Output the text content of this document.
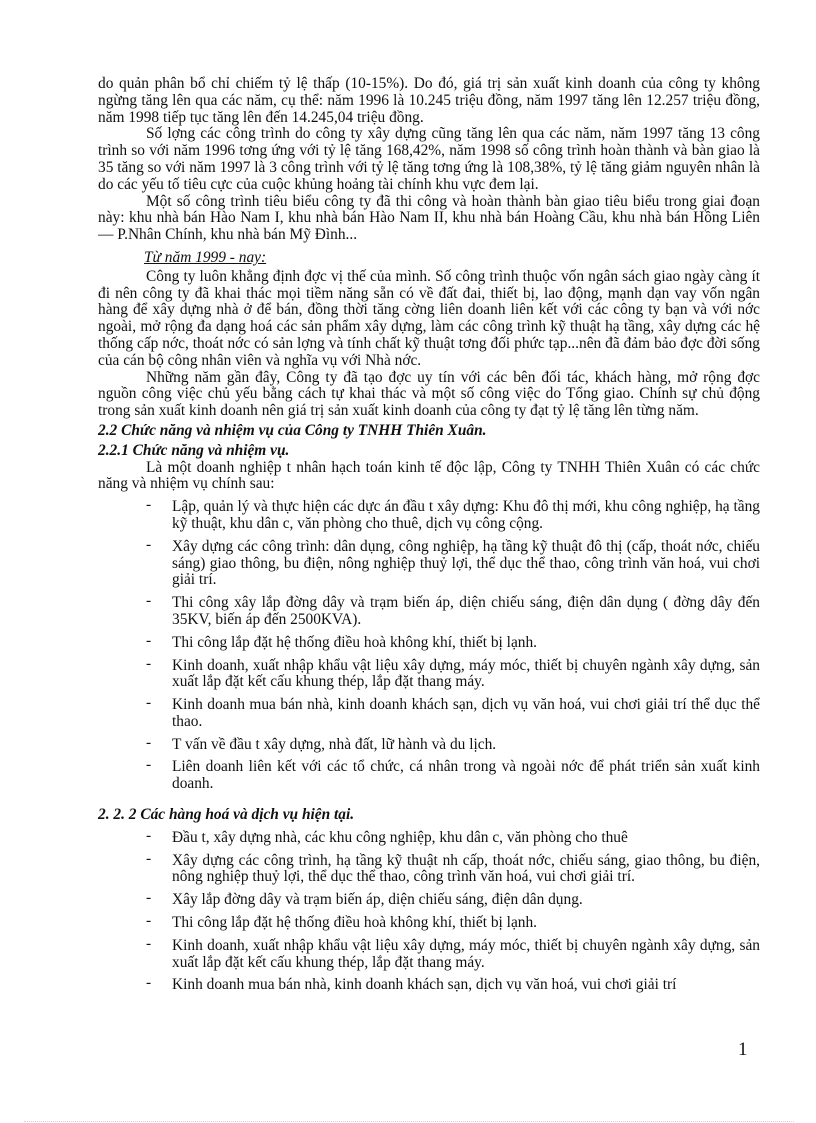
do quản phân bổ chỉ chiếm tỷ lệ thấp (10-15%). Do đó, giá trị sản xuất kinh doanh của công ty không ngừng tăng lên qua các năm, cụ thể: năm 1996 là 10.245 triệu đồng, năm 1997 tăng lên 12.257 triệu đồng, năm 1998 tiếp tục tăng lên đến 14.245,04 triệu đồng.

Số lợng các công trình do công ty xây dựng cũng tăng lên qua các năm, năm 1997 tăng 13 công trình so với năm 1996 tơng ứng với tỷ lệ tăng 168,42%, năm 1998 số công trình hoàn thành và bàn giao là 35 tăng so với năm 1997 là 3 công trình với tỷ lệ tăng tơng ứng là 108,38%, tỷ lệ tăng giảm nguyên nhân là do các yếu tố tiêu cực của cuộc khủng hoảng tài chính khu vực đem lại.

Một số công trình tiêu biểu công ty đã thi công và hoàn thành bàn giao tiêu biểu trong giai đoạn này: khu nhà bán Hào Nam I, khu nhà bán Hào Nam II, khu nhà bán Hoàng Cầu, khu nhà bán Hồng Liên — P.Nhân Chính, khu nhà bán Mỹ Đình...

Từ năm 1999 - nay:

Công ty luôn khẳng định đợc vị thế của mình. Số công trình thuộc vốn ngân sách giao ngày càng ít đi nên công ty đã khai thác mọi tiềm năng sẵn có về đất đai, thiết bị, lao động, mạnh dạn vay vốn ngân hàng để xây dựng nhà ở để bán, đồng thời tăng cờng liên doanh liên kết với các công ty bạn và với nớc ngoài, mở rộng đa dạng hoá các sản phẩm xây dựng, làm các công trình kỹ thuật hạ tầng, xây dựng các hệ thống cấp nớc, thoát nớc có sản lợng và tính chất kỹ thuật tơng đối phức tạp...nên đã đảm bảo đợc đời sống của cán bộ công nhân viên và nghĩa vụ với Nhà nớc.

Những năm gần đây, Công ty đã tạo đợc uy tín với các bên đối tác, khách hàng, mở rộng đợc nguồn công việc chủ yếu bằng cách tự khai thác và một số công việc do Tổng giao. Chính sự chủ động trong sản xuất kinh doanh nên giá trị sản xuất kinh doanh của công ty đạt tỷ lệ tăng lên từng năm.

2.2 Chức năng và nhiệm vụ của Công ty TNHH Thiên Xuân.
2.2.1 Chức năng và nhiệm vụ.

Là một doanh nghiệp t nhân hạch toán kinh tế độc lập, Công ty TNHH Thiên Xuân có các chức năng và nhiệm vụ chính sau:

- Lập, quản lý và thực hiện các dực án đầu t xây dựng: Khu đô thị mới, khu công nghiệp, hạ tầng kỹ thuật, khu dân c, văn phòng cho thuê, dịch vụ công cộng.
- Xây dựng các công trình: dân dụng, công nghiệp, hạ tầng kỹ thuật đô thị (cấp, thoát nớc, chiếu sáng) giao thông, bu điện, nông nghiệp thuỷ lợi, thể dục thể thao, công trình văn hoá, vui chơi giải trí.
- Thi công xây lắp đờng dây và trạm biến áp, diện chiếu sáng, điện dân dụng ( đờng dây đến 35KV, biến áp đến 2500KVA).
- Thi công lắp đặt hệ thống điều hoà không khí, thiết bị lạnh.
- Kinh doanh, xuất nhập khẩu vật liệu xây dựng, máy móc, thiết bị chuyên ngành xây dựng, sản xuất lắp đặt kết cấu khung thép, lắp đặt thang máy.
- Kinh doanh mua bán nhà, kinh doanh khách sạn, dịch vụ văn hoá, vui chơi giải trí thể dục thể thao.
- T vấn về đầu t xây dựng, nhà đất, lữ hành và du lịch.
- Liên doanh liên kết với các tổ chức, cá nhân trong và ngoài nớc để phát triển sản xuất kinh doanh.
2. 2. 2 Các hàng hoá và dịch vụ hiện tại.
- Đầu t, xây dựng nhà, các khu công nghiệp, khu dân c, văn phòng cho thuê
- Xây dựng các công trình, hạ tầng kỹ thuật nh cấp, thoát nớc, chiếu sáng, giao thông, bu điện, nông nghiệp thuỷ lợi, thể dục thể thao, công trình văn hoá, vui chơi giải trí.
- Xây lắp đờng dây và trạm biến áp, diện chiếu sáng, điện dân dụng.
- Thi công lắp đặt hệ thống điều hoà không khí, thiết bị lạnh.
- Kinh doanh, xuất nhập khẩu vật liệu xây dựng, máy móc, thiết bị chuyên ngành xây dựng, sản xuất lắp đặt kết cấu khung thép, lắp đặt thang máy.
- Kinh doanh mua bán nhà, kinh doanh khách sạn, dịch vụ văn hoá, vui chơi giải trí
1
